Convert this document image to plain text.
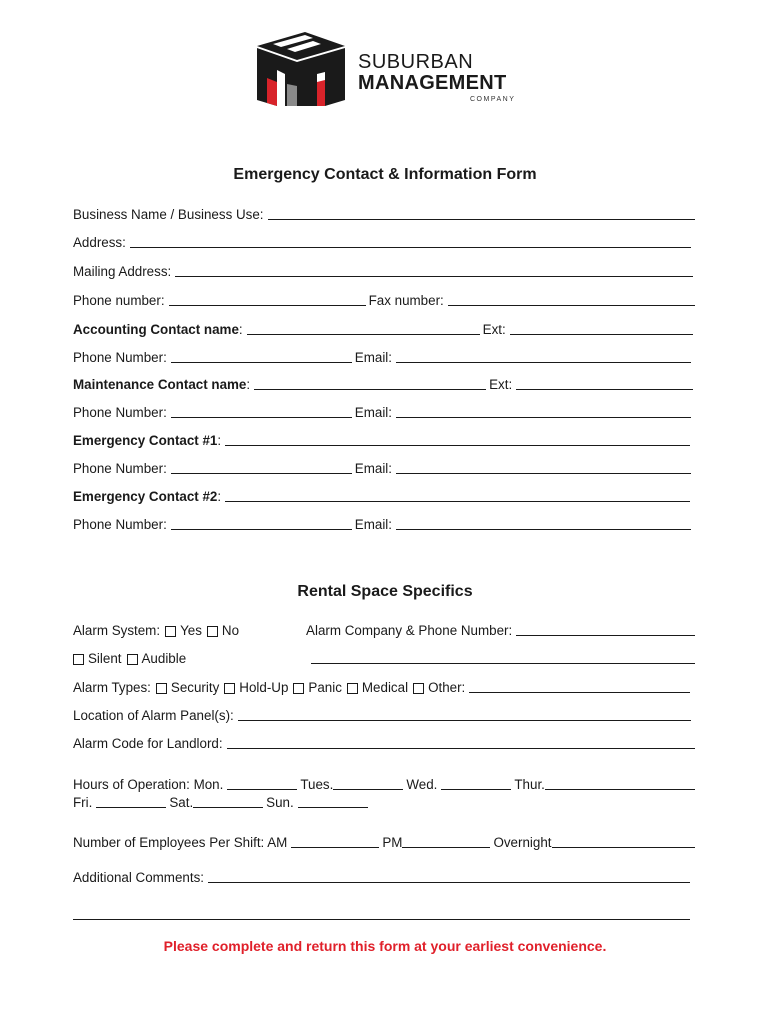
SUBURBAN
MANAGEMENT
COMPANY
Emergency Contact & Information Form
Business Name / Business Use:
Address:
Mailing Address:
Phone number:	Fax number:
Accounting Contact name :	Ext:
Phone Number:	Email:
Maintenance Contact name :	Ext:
Phone Number:	Email:
Emergency Contact #1 :
Phone Number:	Email:
Emergency Contact #2 :
Phone Number:	Email:
Rental Space Specifics
Alarm System: Yes No	Alarm Company & Phone Number:
Silent Audible
Alarm Types: Security Hold-Up Panic Medical Other:
Location of Alarm Panel(s):
Alarm Code for Landlord:
Hours of Operation: Mon.	Tues.	Wed.	Thur.
Fri.	Sat.	Sun.
Number of Employees Per Shift: AM	PM	Overnight
Additional Comments:
Please complete and return this form at your earliest convenience.
